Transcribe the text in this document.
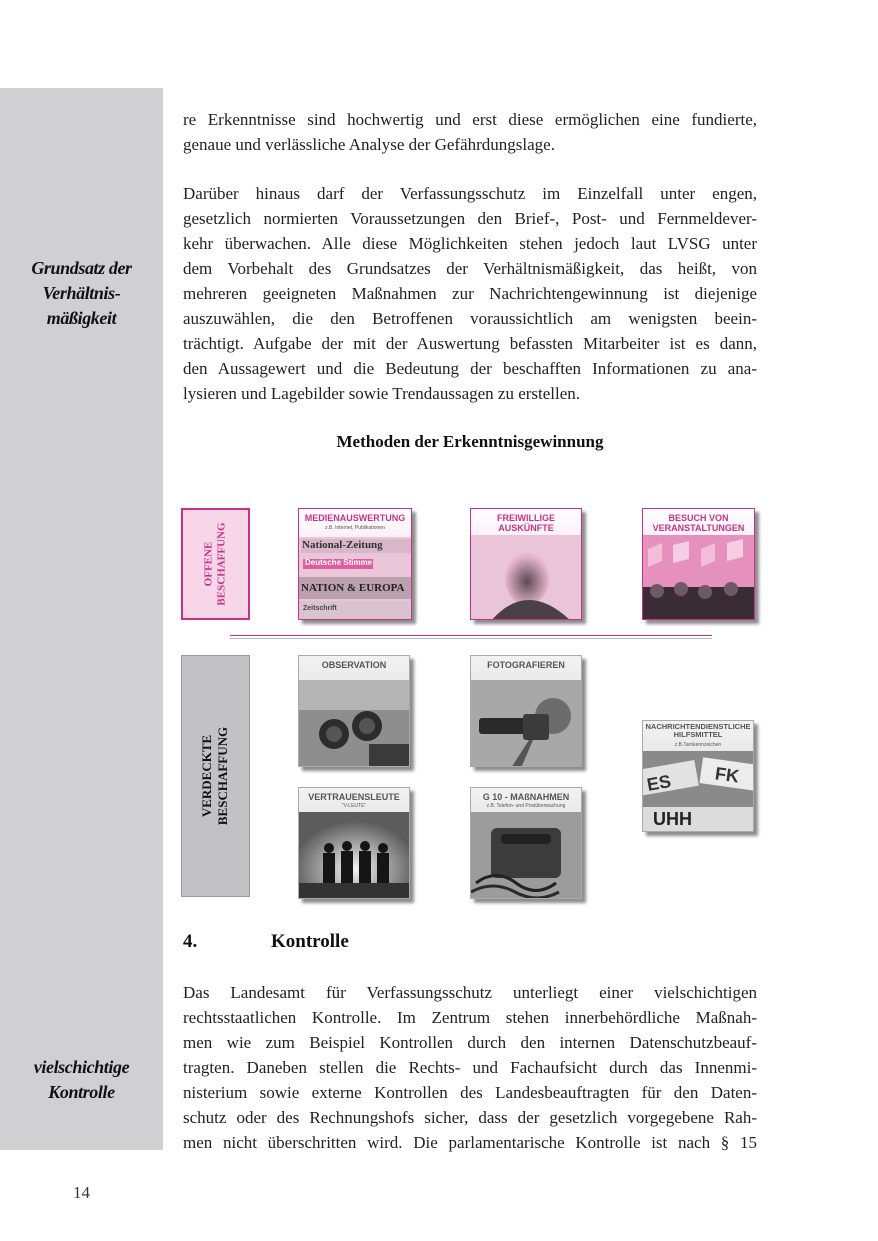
Grundsatz der
Verhältnis-
mäßigkeit
vielschichtige
Kontrolle
re Erkenntnisse sind hochwertig und erst diese ermöglichen eine fundierte,
genaue und verlässliche Analyse der Gefährdungslage.
Darüber hinaus darf der Verfassungsschutz im Einzelfall unter engen,
gesetzlich normierten Voraussetzungen den Brief-, Post- und Fernmeldever-
kehr überwachen. Alle diese Möglichkeiten stehen jedoch laut LVSG unter
dem Vorbehalt des Grundsatzes der Verhältnismäßigkeit, das heißt, von
mehreren geeigneten Maßnahmen zur Nachrichtengewinnung ist diejenige
auszuwählen, die den Betroffenen voraussichtlich am wenigsten beein-
trächtigt. Aufgabe der mit der Auswertung befassten Mitarbeiter ist es dann,
den Aussagewert und die Bedeutung der beschafften Informationen zu ana-
lysieren und Lagebilder sowie Trendaussagen zu erstellen.
Methoden der Erkenntnisgewinnung
OFFENE BESCHAFFUNG
MEDIENAUSWERTUNG
z.B. Internet, Publikationen
National-Zeitung
Deutsche Stimme
NATION & EUROPA
Zeitschrift
FREIWILLIGE
AUSKÜNFTE
BESUCH VON
VERANSTALTUNGEN
VERDECKTE BESCHAFFUNG
OBSERVATION	FOTOGRAFIEREN
VERTRAUENSLEUTE
"V-LEUTE"
G 10 - MAßNAHMEN
z.B. Telefon- und Postüberwachung
NACHRICHTENDIENSTLICHE
HILFSMITTEL
z.B.Tarnkennzeichen
ES FK
UHH
4.	Kontrolle
Das Landesamt für Verfassungsschutz unterliegt einer vielschichtigen
rechtsstaatlichen Kontrolle. Im Zentrum stehen innerbehördliche Maßnah-
men wie zum Beispiel Kontrollen durch den internen Datenschutzbeauf-
tragten. Daneben stellen die Rechts- und Fachaufsicht durch das Innenmi-
nisterium sowie externe Kontrollen des Landesbeauftragten für den Daten-
schutz oder des Rechnungshofs sicher, dass der gesetzlich vorgegebene Rah-
men nicht überschritten wird. Die parlamentarische Kontrolle ist nach § 15
14
